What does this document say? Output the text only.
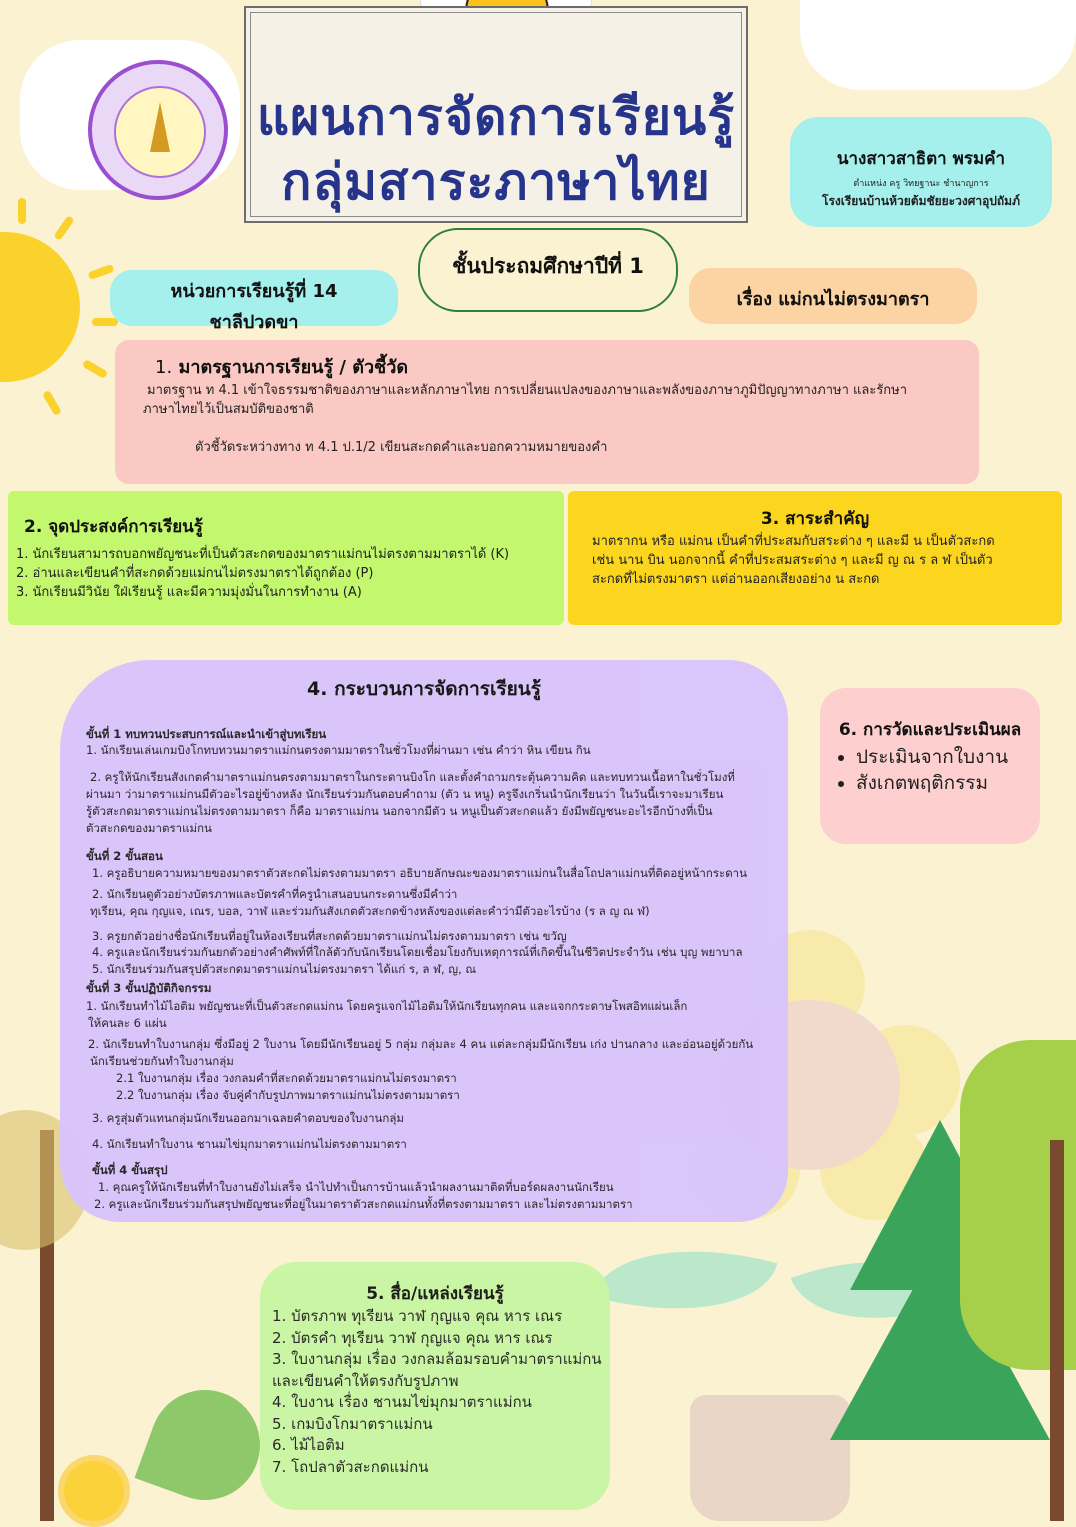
แผนการจัดการเรียนรู้
กลุ่มสาระภาษาไทย	นางสาวสาธิตา พรมคำ
ตำแหน่ง ครู วิทยฐานะ ชำนาญการ
โรงเรียนบ้านห้วยต้มชัยยะวงศาอุปถัมภ์
ชั้นประถมศึกษาปีที่ 1
หน่วยการเรียนรู้ที่ 14
ชาลีปวดขา
เรื่อง แม่กนไม่ตรงมาตรา
1. มาตรฐานการเรียนรู้ / ตัวชี้วัด
มาตรฐาน ท 4.1 เข้าใจธรรมชาติของภาษาและหลักภาษาไทย การเปลี่ยนแปลงของภาษาและพลังของภาษาภูมิปัญญาทางภาษา และรักษา
ภาษาไทยไว้เป็นสมบัติของชาติ
ตัวชี้วัดระหว่างทาง ท 4.1 ป.1/2 เขียนสะกดคำและบอกความหมายของคำ
2. จุดประสงค์การเรียนรู้
1. นักเรียนสามารถบอกพยัญชนะที่เป็นตัวสะกดของมาตราแม่กนไม่ตรงตามมาตราได้ (K)
2. อ่านและเขียนคำที่สะกดด้วยแม่กนไม่ตรงมาตราได้ถูกต้อง (P)
3. นักเรียนมีวินัย ใฝ่เรียนรู้ และมีความมุ่งมั่นในการทำงาน (A)
3. สาระสำคัญ
มาตรากน หรือ แม่กน เป็นคำที่ประสมกับสระต่าง ๆ และมี น เป็นตัวสะกด
เช่น นาน บิน นอกจากนี้ คำที่ประสมสระต่าง ๆ และมี ญ ณ ร ล ฬ เป็นตัว
สะกดที่ไม่ตรงมาตรา แต่อ่านออกเสียงอย่าง น สะกด
4. กระบวนการจัดการเรียนรู้
ขั้นที่ 1 ทบทวนประสบการณ์และนำเข้าสู่บทเรียน
1. นักเรียนเล่นเกมบิงโกทบทวนมาตราแม่กนตรงตามมาตราในชั่วโมงที่ผ่านมา เช่น คำว่า หิน เขียน กิน
2. ครูให้นักเรียนสังเกตคำมาตราแม่กนตรงตามมาตราในกระดานบิงโก และตั้งคำถามกระตุ้นความคิด และทบทวนเนื้อหาในชั่วโมงที่
ผ่านมา ว่ามาตราแม่กนมีตัวอะไรอยู่ข้างหลัง นักเรียนร่วมกันตอบคำถาม (ตัว น หนู) ครูจึงเกริ่นนำนักเรียนว่า ในวันนี้เราจะมาเรียน
รู้ตัวสะกดมาตราแม่กนไม่ตรงตามมาตรา ก็คือ มาตราแม่กน นอกจากมีตัว น หนูเป็นตัวสะกดแล้ว ยังมีพยัญชนะอะไรอีกบ้างที่เป็น
ตัวสะกดของมาตราแม่กน
ขั้นที่ 2 ขั้นสอน
1. ครูอธิบายความหมายของมาตราตัวสะกดไม่ตรงตามมาตรา อธิบายลักษณะของมาตราแม่กนในสื่อโถปลาแม่กนที่ติดอยู่หน้ากระดาน
2. นักเรียนดูตัวอย่างบัตรภาพและบัตรคำที่ครูนำเสนอบนกระดานซึ่งมีคำว่า
ทุเรียน, คุณ กุญแจ, เณร, บอล, วาฬ และร่วมกันสังเกตตัวสะกดข้างหลังของแต่ละคำว่ามีตัวอะไรบ้าง (ร ล ญ ณ ฬ)
3. ครูยกตัวอย่างชื่อนักเรียนที่อยู่ในห้องเรียนที่สะกดด้วยมาตราแม่กนไม่ตรงตามมาตรา เช่น ขวัญ
4. ครูและนักเรียนร่วมกันยกตัวอย่างคำศัพท์ที่ใกล้ตัวกับนักเรียนโดยเชื่อมโยงกับเหตุการณ์ที่เกิดขึ้นในชีวิตประจำวัน เช่น บุญ พยาบาล
5. นักเรียนร่วมกันสรุปตัวสะกดมาตราแม่กนไม่ตรงมาตรา ได้แก่ ร, ล ฬ, ญ, ณ
ขั้นที่ 3 ขั้นปฏิบัติกิจกรรม
1. นักเรียนทำไม้ไอติม พยัญชนะที่เป็นตัวสะกดแม่กน โดยครูแจกไม้ไอติมให้นักเรียนทุกคน และแจกกระดาษโพสอิทแผ่นเล็ก
ให้คนละ 6 แผ่น
2. นักเรียนทำใบงานกลุ่ม ซึ่งมีอยู่ 2 ใบงาน โดยมีนักเรียนอยู่ 5 กลุ่ม กลุ่มละ 4 คน แต่ละกลุ่มมีนักเรียน เก่ง ปานกลาง และอ่อนอยู่ด้วยกัน
นักเรียนช่วยกันทำใบงานกลุ่ม
2.1 ใบงานกลุ่ม เรื่อง วงกลมคำที่สะกดด้วยมาตราแม่กนไม่ตรงมาตรา
2.2 ใบงานกลุ่ม เรื่อง จับคู่คำกับรูปภาพมาตราแม่กนไม่ตรงตามมาตรา
3. ครูสุ่มตัวแทนกลุ่มนักเรียนออกมาเฉลยคำตอบของใบงานกลุ่ม
4. นักเรียนทำใบงาน ชานมไข่มุกมาตราแม่กนไม่ตรงตามมาตรา
ขั้นที่ 4 ขั้นสรุป
1. คุณครูให้นักเรียนที่ทำใบงานยังไม่เสร็จ นำไปทำเป็นการบ้านแล้วนำผลงานมาติดที่บอร์ดผลงานนักเรียน
2. ครูและนักเรียนร่วมกันสรุปพยัญชนะที่อยู่ในมาตราตัวสะกดแม่กนทั้งที่ตรงตามมาตรา และไม่ตรงตามมาตรา
6. การวัดและประเมินผล
• ประเมินจากใบงาน
• สังเกตพฤติกรรม
5. สื่อ/แหล่งเรียนรู้
1. บัตรภาพ ทุเรียน วาฬ กุญแจ คุณ หาร เณร
2. บัตรคำ ทุเรียน วาฬ กุญแจ คุณ หาร เณร
3. ใบงานกลุ่ม เรื่อง วงกลมล้อมรอบคำมาตราแม่กน
และเขียนคำให้ตรงกับรูปภาพ
4. ใบงาน เรื่อง ชานมไข่มุกมาตราแม่กน
5. เกมบิงโกมาตราแม่กน
6. ไม้ไอติม
7. โถปลาตัวสะกดแม่กน
